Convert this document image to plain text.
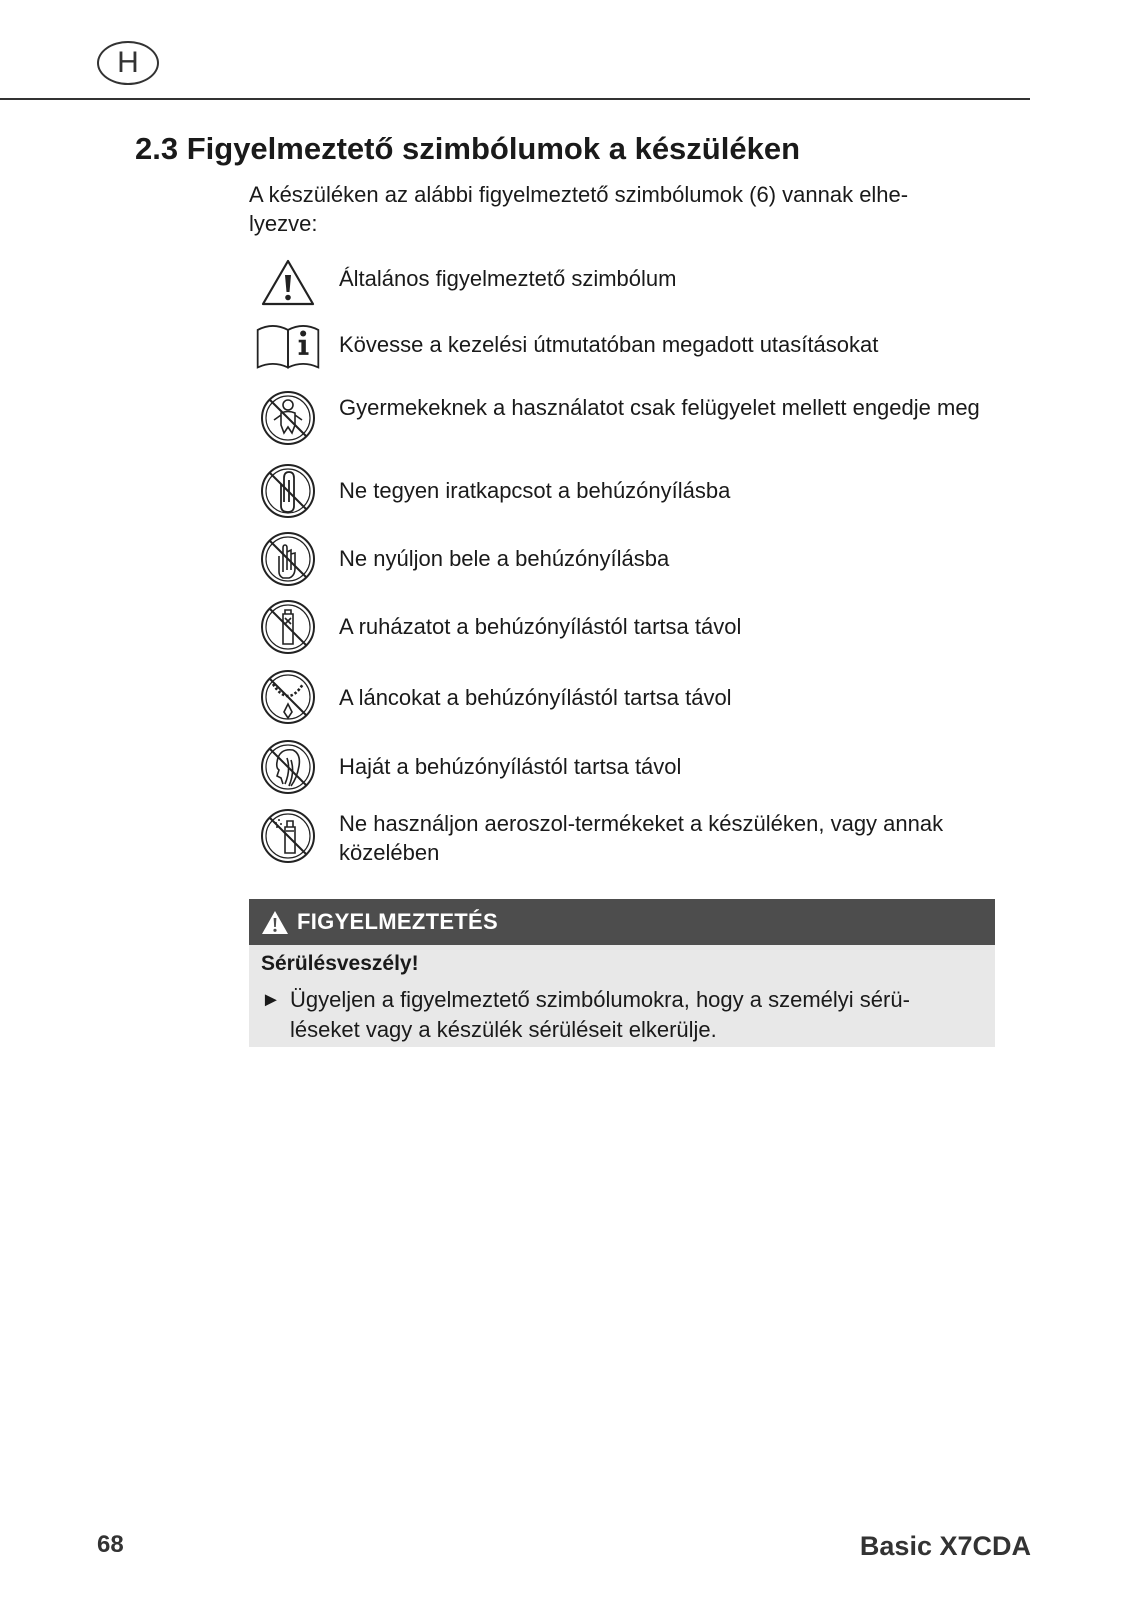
H
2.3 Figyelmeztető szimbólumok a készüléken

A készüléken az alábbi figyelmeztető szimbólumok (6) vannak elhe-
lyezve:

Általános figyelmeztető szimbólum
Kövesse a kezelési útmutatóban megadott utasításokat
Gyermekeknek a használatot csak felügyelet mellett engedje meg
Ne tegyen iratkapcsot a behúzónyílásba
Ne nyúljon bele a behúzónyílásba
A ruházatot a behúzónyílástól tartsa távol
A láncokat a behúzónyílástól tartsa távol
Haját a behúzónyílástól tartsa távol
Ne használjon aeroszol-termékeket a készüléken, vagy annak közelében
FIGYELMEZTETÉS
Sérülésveszély!
► Ügyeljen a figyelmeztető szimbólumokra, hogy a személyi sérü-
léseket vagy a készülék sérüléseit elkerülje.
68	Basic X7CDA
